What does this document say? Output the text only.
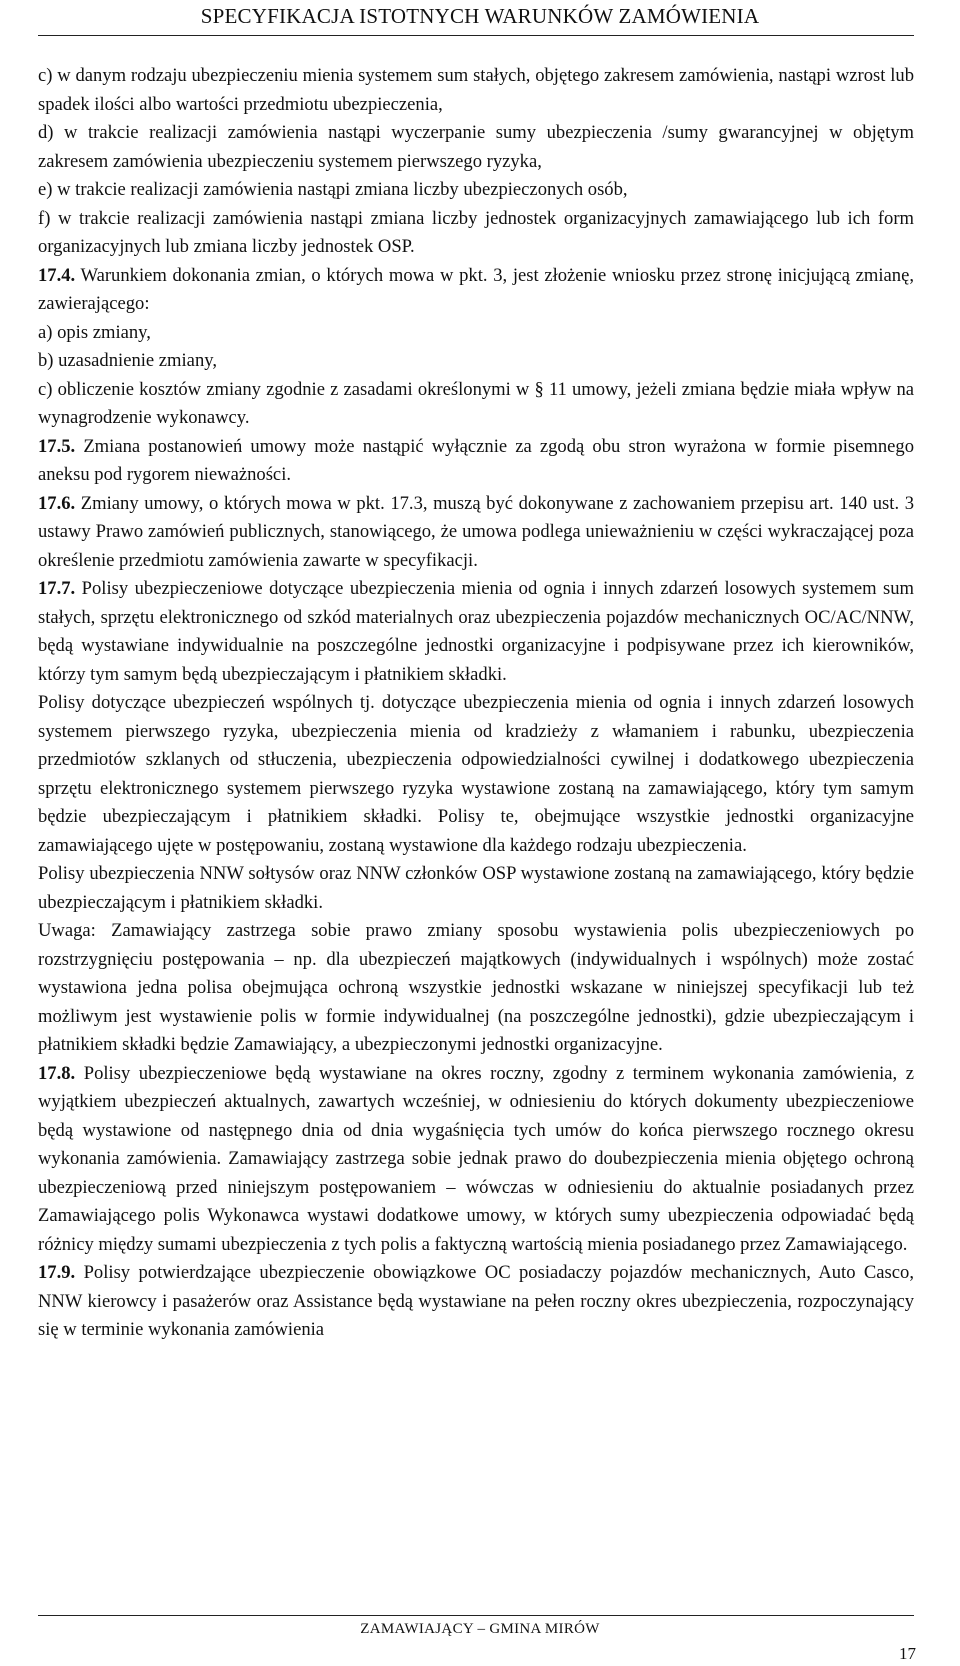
SPECYFIKACJA ISTOTNYCH WARUNKÓW ZAMÓWIENIA

c) w danym rodzaju ubezpieczeniu mienia systemem sum stałych, objętego zakresem zamówienia, nastąpi wzrost lub spadek ilości albo wartości przedmiotu ubezpieczenia,

d) w trakcie realizacji zamówienia nastąpi wyczerpanie sumy ubezpieczenia /sumy gwarancyjnej w objętym zakresem zamówienia ubezpieczeniu systemem pierwszego ryzyka,

e) w trakcie realizacji zamówienia nastąpi zmiana liczby ubezpieczonych osób,

f) w trakcie realizacji zamówienia nastąpi zmiana liczby jednostek organizacyjnych zamawiającego lub ich form organizacyjnych lub zmiana liczby jednostek OSP.

17.4. Warunkiem dokonania zmian, o których mowa w pkt. 3, jest złożenie wniosku przez stronę inicjującą zmianę, zawierającego:

a) opis zmiany,

b) uzasadnienie zmiany,

c) obliczenie kosztów zmiany zgodnie z zasadami określonymi w § 11 umowy, jeżeli zmiana będzie miała wpływ na wynagrodzenie wykonawcy.

17.5. Zmiana postanowień umowy może nastąpić wyłącznie za zgodą obu stron wyrażona w formie pisemnego aneksu pod rygorem nieważności.

17.6. Zmiany umowy, o których mowa w pkt. 17.3, muszą być dokonywane z zachowaniem przepisu art. 140 ust. 3 ustawy Prawo zamówień publicznych, stanowiącego, że umowa podlega unieważnieniu w części wykraczającej poza określenie przedmiotu zamówienia zawarte w specyfikacji.

17.7. Polisy ubezpieczeniowe dotyczące ubezpieczenia mienia od ognia i innych zdarzeń losowych systemem sum stałych, sprzętu elektronicznego od szkód materialnych oraz ubezpieczenia pojazdów mechanicznych OC/AC/NNW, będą wystawiane indywidualnie na poszczególne jednostki organizacyjne i podpisywane przez ich kierowników, którzy tym samym będą ubezpieczającym i płatnikiem składki.

Polisy dotyczące ubezpieczeń wspólnych tj. dotyczące ubezpieczenia mienia od ognia i innych zdarzeń losowych systemem pierwszego ryzyka, ubezpieczenia mienia od kradzieży z włamaniem i rabunku, ubezpieczenia przedmiotów szklanych od stłuczenia, ubezpieczenia odpowiedzialności cywilnej i dodatkowego ubezpieczenia sprzętu elektronicznego systemem pierwszego ryzyka wystawione zostaną na zamawiającego, który tym samym będzie ubezpieczającym i płatnikiem składki. Polisy te, obejmujące wszystkie jednostki organizacyjne zamawiającego ujęte w postępowaniu, zostaną wystawione dla każdego rodzaju ubezpieczenia.

Polisy ubezpieczenia NNW sołtysów oraz NNW członków OSP wystawione zostaną na zamawiającego, który będzie ubezpieczającym i płatnikiem składki.

Uwaga: Zamawiający zastrzega sobie prawo zmiany sposobu wystawienia polis ubezpieczeniowych po rozstrzygnięciu postępowania – np. dla ubezpieczeń majątkowych (indywidualnych i wspólnych) może zostać wystawiona jedna polisa obejmująca ochroną wszystkie jednostki wskazane w niniejszej specyfikacji lub też możliwym jest wystawienie polis w formie indywidualnej (na poszczególne jednostki), gdzie ubezpieczającym i płatnikiem składki będzie Zamawiający, a ubezpieczonymi jednostki organizacyjne.

17.8. Polisy ubezpieczeniowe będą wystawiane na okres roczny, zgodny z terminem wykonania zamówienia, z wyjątkiem ubezpieczeń aktualnych, zawartych wcześniej, w odniesieniu do których dokumenty ubezpieczeniowe będą wystawione od następnego dnia od dnia wygaśnięcia tych umów do końca pierwszego rocznego okresu wykonania zamówienia. Zamawiający zastrzega sobie jednak prawo do doubezpieczenia mienia objętego ochroną ubezpieczeniową przed niniejszym postępowaniem – wówczas w odniesieniu do aktualnie posiadanych przez Zamawiającego polis Wykonawca wystawi dodatkowe umowy, w których sumy ubezpieczenia odpowiadać będą różnicy między sumami ubezpieczenia z tych polis a faktyczną wartością mienia posiadanego przez Zamawiającego.

17.9. Polisy potwierdzające ubezpieczenie obowiązkowe OC posiadaczy pojazdów mechanicznych, Auto Casco, NNW kierowcy i pasażerów oraz Assistance będą wystawiane na pełen roczny okres ubezpieczenia, rozpoczynający się w terminie wykonania zamówienia

ZAMAWIAJĄCY – GMINA MIRÓW
17
